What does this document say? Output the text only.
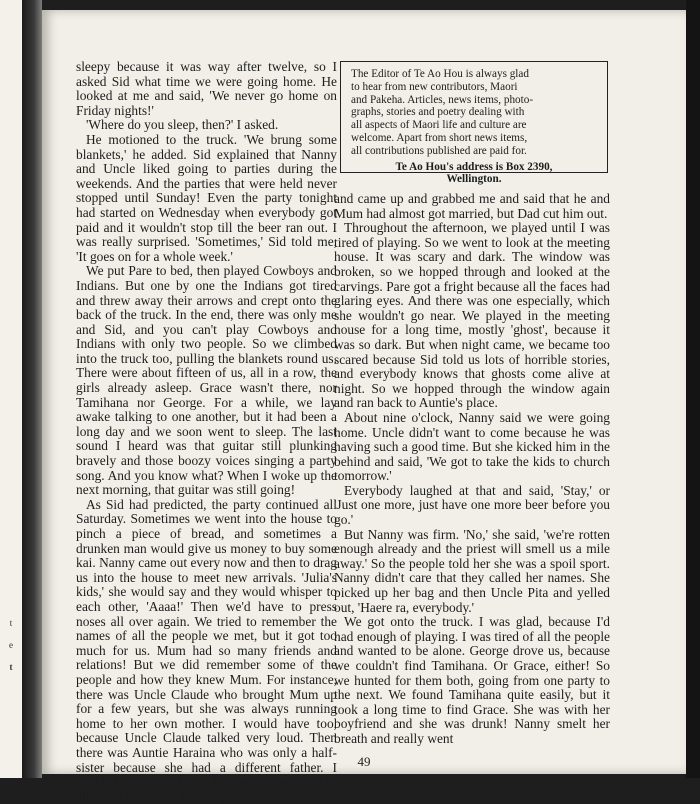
t
e
t

sleepy because it was way after twelve, so I asked Sid what time we were going home. He looked at me and said, 'We never go home on Friday nights!'

'Where do you sleep, then?' I asked.

He motioned to the truck. 'We brung some blankets,' he added. Sid explained that Nanny and Uncle liked going to parties during the weekends. And the parties that were held never stopped until Sunday! Even the party tonight had started on Wednesday when everybody got paid and it wouldn't stop till the beer ran out. I was really surprised. 'Sometimes,' Sid told me, 'It goes on for a whole week.'

We put Pare to bed, then played Cowboys and Indians. But one by one the Indians got tired and threw away their arrows and crept onto the back of the truck. In the end, there was only me and Sid, and you can't play Cowboys and Indians with only two people. So we climbed into the truck too, pulling the blankets round us. There were about fifteen of us, all in a row, the girls already asleep. Grace wasn't there, nor Tamihana nor George. For a while, we lay awake talking to one another, but it had been a long day and we soon went to sleep. The last sound I heard was that guitar still plunking bravely and those boozy voices singing a party song. And you know what? When I woke up the next morning, that guitar was still going!

As Sid had predicted, the party continued all Saturday. Sometimes we went into the house to pinch a piece of bread, and sometimes a drunken man would give us money to buy some kai. Nanny came out every now and then to drag us into the house to meet new arrivals. 'Julia's kids,' she would say and they would whisper to each other, 'Aaaa!' Then we'd have to press noses all over again. We tried to remember the names of all the people we met, but it got too much for us. Mum had so many friends and relations! But we did remember some of the people and how they knew Mum. For instance, there was Uncle Claude who brought Mum up for a few years, but she was always running home to her own mother. I would have too, because Uncle Claude talked very loud. Then there was Auntie Haraina who was only a half-sister because she had a different father. I couldn't understand that. But most interesting of all was a man who was very boozed

The Editor of Te Ao Hou is always glad
to hear from new contributors, Maori
and Pakeha. Articles, news items, photo-
graphs, stories and poetry dealing with
all aspects of Maori life and culture are
welcome. Apart from short news items,
all contributions published are paid for.
Te Ao Hou's address is Box 2390,
Wellington.

and came up and grabbed me and said that he and Mum had almost got married, but Dad cut him out.

Throughout the afternoon, we played until I was tired of playing. So we went to look at the meeting house. It was scary and dark. The window was broken, so we hopped through and looked at the carvings. Pare got a fright because all the faces had glaring eyes. And there was one especially, which she wouldn't go near. We played in the meeting house for a long time, mostly 'ghost', because it was so dark. But when night came, we became too scared because Sid told us lots of horrible stories, and everybody knows that ghosts come alive at night. So we hopped through the window again and ran back to Auntie's place.

About nine o'clock, Nanny said we were going home. Uncle didn't want to come because he was having such a good time. But she kicked him in the behind and said, 'We got to take the kids to church tomorrow.'

Everybody laughed at that and said, 'Stay,' or 'Just one more, just have one more beer before you go.'

But Nanny was firm. 'No,' she said, 'we're rotten enough already and the priest will smell us a mile away.' So the people told her she was a spoil sport. Nanny didn't care that they called her names. She picked up her bag and then Uncle Pita and yelled out, 'Haere ra, everybody.'

We got onto the truck. I was glad, because I'd had enough of playing. I was tired of all the people and wanted to be alone. George drove us, because we couldn't find Tamihana. Or Grace, either! So we hunted for them both, going from one party to the next. We found Tamihana quite easily, but it took a long time to find Grace. She was with her boyfriend and she was drunk! Nanny smelt her breath and really went

49
